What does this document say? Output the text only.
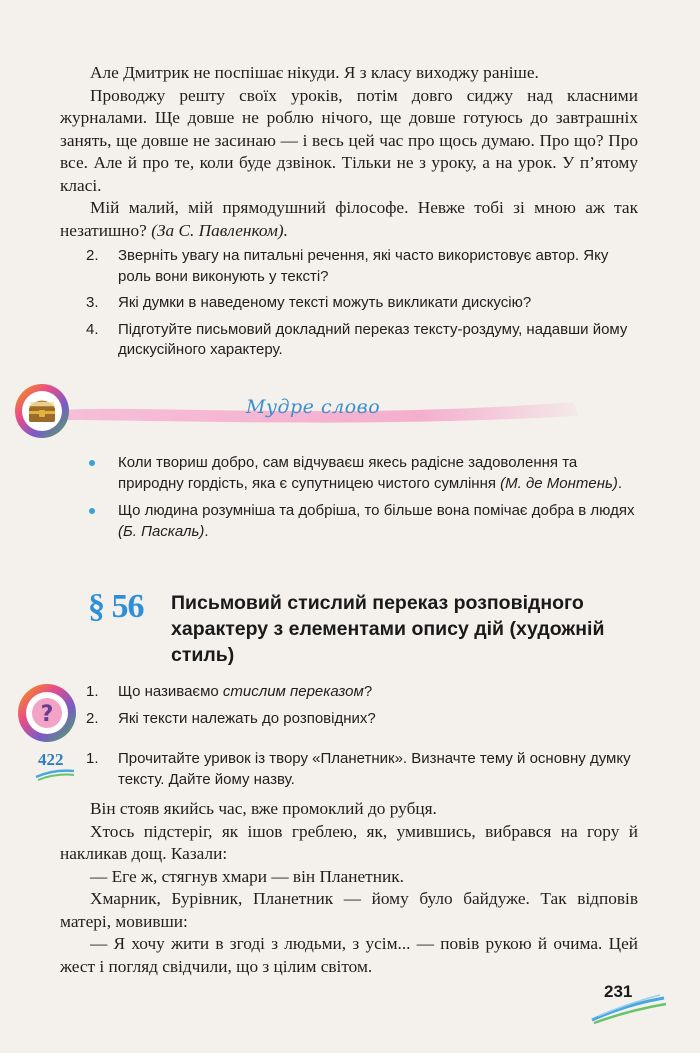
Але Дмитрик не поспішає нікуди. Я з класу виходжу раніше.

Проводжу решту своїх уроків, потім довго сиджу над класними журналами. Ще довше не роблю нічого, ще довше готуюсь до завтрашніх занять, ще довше не засинаю — і весь цей час про щось думаю. Про що? Про все. Але й про те, коли буде дзвінок. Тільки не з уроку, а на урок. У п’ятому класі.

Мій малий, мій прямодушний філософе. Невже тобі зі мною аж так незатишно? (За С. Павленком).

2. Зверніть увагу на питальні речення, які часто використовує автор. Яку роль вони виконують у тексті?
3. Які думки в наведеному тексті можуть викликати дискусію?
4. Підготуйте письмовий докладний переказ тексту-роздуму, надавши йому дискусійного характеру.
Мудре слово
Коли твориш добро, сам відчуваєш якесь радісне задоволення та природну гордість, яка є супутницею чистого сумління (М. де Монтень).
Що людина розумніша та добріша, то більше вона помічає добра в людях (Б. Паскаль).
§ 56 Письмовий стислий переказ розповідного характеру з елементами опису дій (художній стиль)
?
1. Що називаємо стислим переказом?
2. Які тексти належать до розповідних?
422 1. Прочитайте уривок із твору «Планетник». Визначте тему й основну думку тексту. Дайте йому назву.

Він стояв якийсь час, вже промоклий до рубця.

Хтось підстеріг, як ішов греблею, як, умившись, вибрався на гору й накликав дощ. Казали:

— Еге ж, стягнув хмари — він Планетник.

Хмарник, Бурівник, Планетник — йому було байдуже. Так відповів матері, мовивши:

— Я хочу жити в згоді з людьми, з усім... — повів рукою й очима. Цей жест і погляд свідчили, що з цілим світом.

231
